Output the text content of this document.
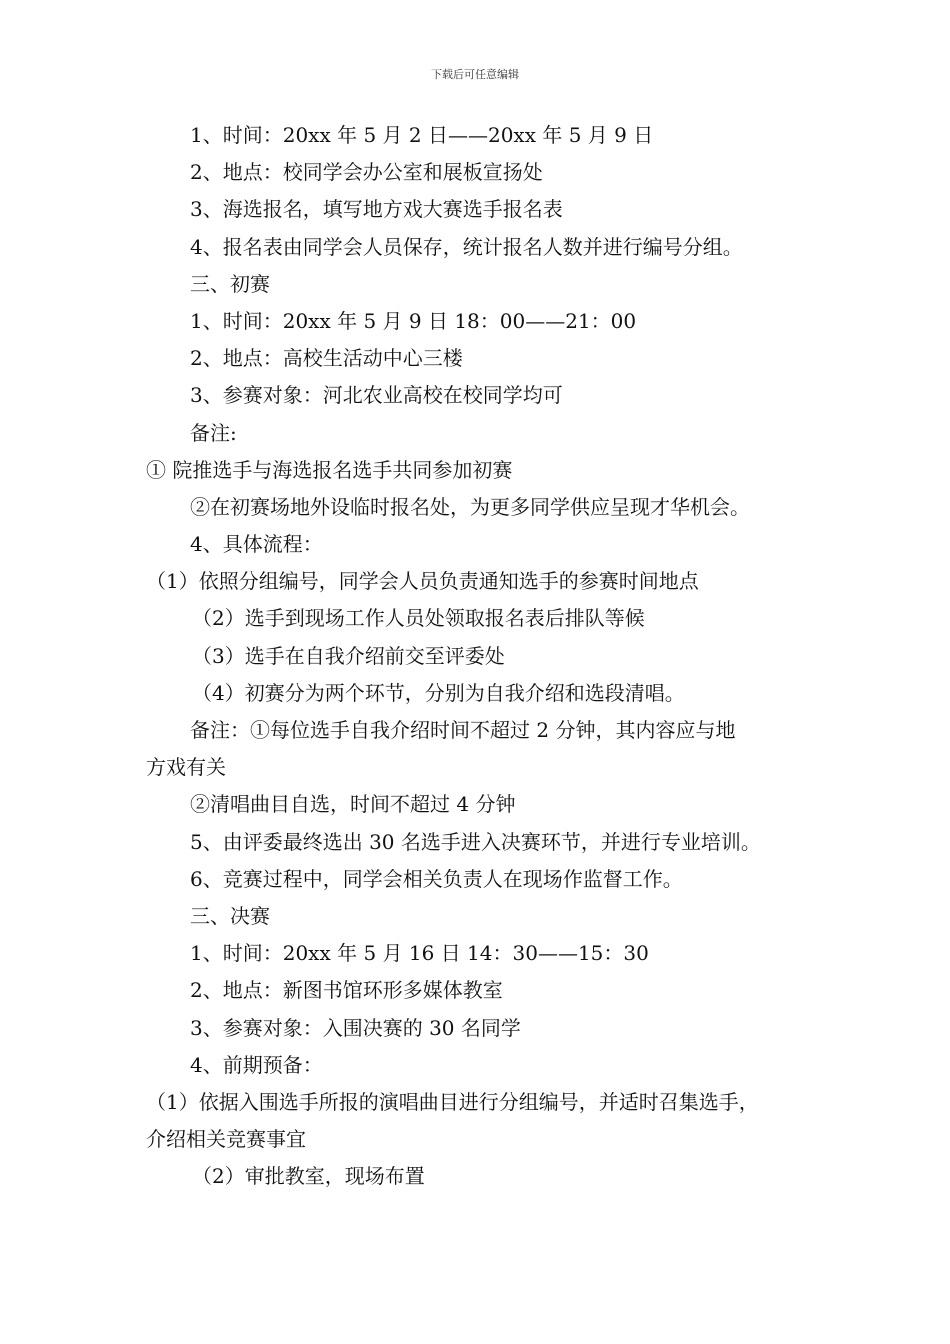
下载后可任意编辑
1、时间：20xx 年 5 月 2 日——20xx 年 5 月 9 日
2、地点：校同学会办公室和展板宣扬处
3、海选报名，填写地方戏大赛选手报名表
4、报名表由同学会人员保存，统计报名人数并进行编号分组。
三、初赛
1、时间：20xx 年 5 月 9 日 18：00——21：00
2、地点：高校生活动中心三楼
3、参赛对象：河北农业高校在校同学均可
备注:
① 院推选手与海选报名选手共同参加初赛
②在初赛场地外设临时报名处，为更多同学供应呈现才华机会。
4、具体流程：
（1）依照分组编号，同学会人员负责通知选手的参赛时间地点
（2）选手到现场工作人员处领取报名表后排队等候
（3）选手在自我介绍前交至评委处
（4）初赛分为两个环节，分别为自我介绍和选段清唱。
备注：①每位选手自我介绍时间不超过 2 分钟，其内容应与地
方戏有关
②清唱曲目自选，时间不超过 4 分钟
5、由评委最终选出 30 名选手进入决赛环节，并进行专业培训。
6、竞赛过程中，同学会相关负责人在现场作监督工作。
三、决赛
1、时间：20xx 年 5 月 16 日 14：30——15：30
2、地点：新图书馆环形多媒体教室
3、参赛对象：入围决赛的 30 名同学
4、前期预备：
（1）依据入围选手所报的演唱曲目进行分组编号，并适时召集选手，
介绍相关竞赛事宜
（2）审批教室，现场布置
